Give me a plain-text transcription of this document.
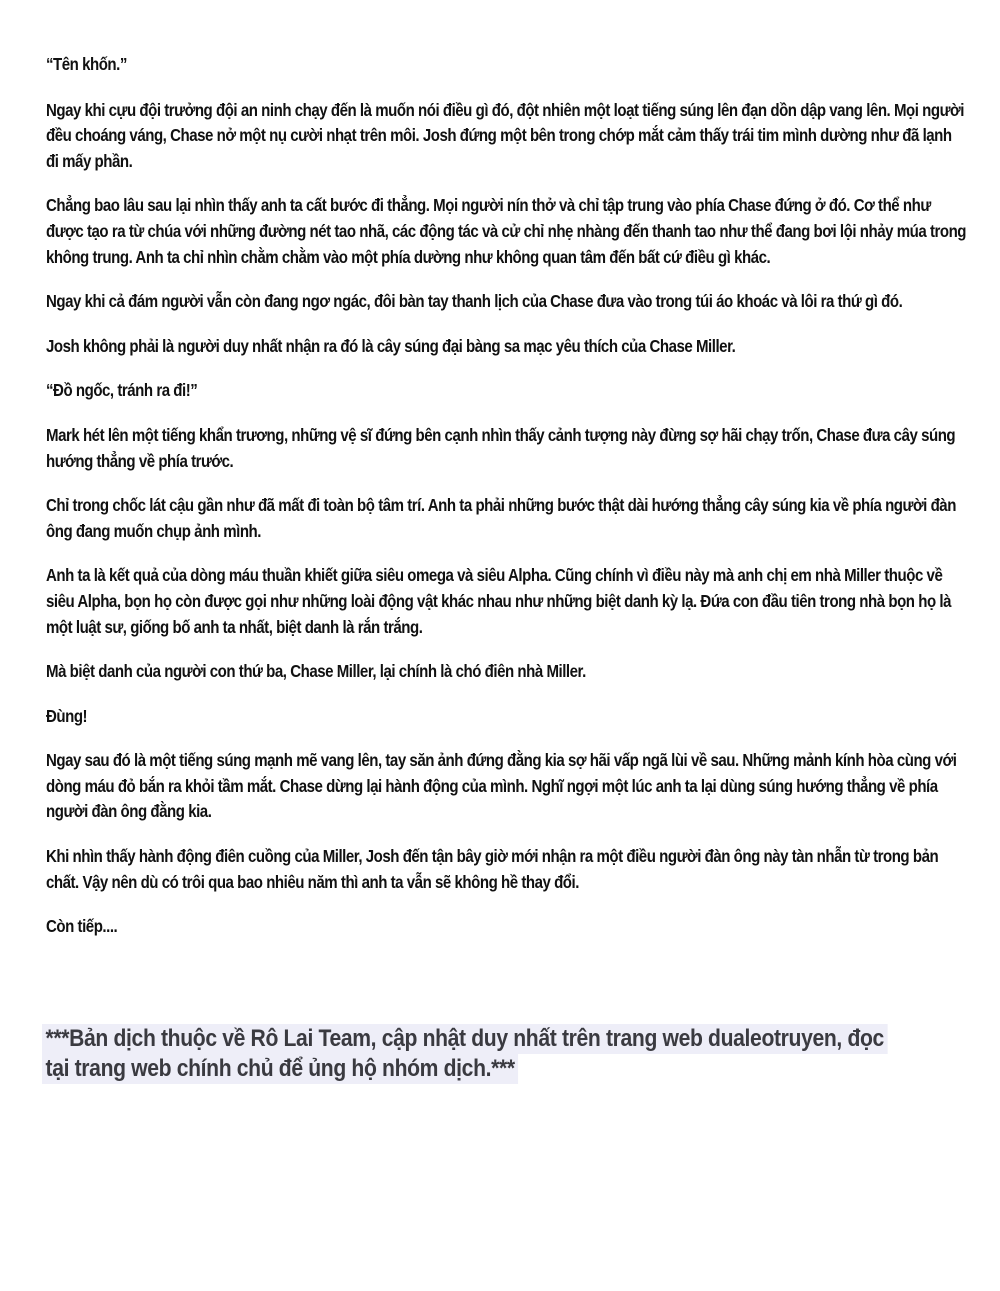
“Tên khốn.”

Ngay khi cựu đội trưởng đội an ninh chạy đến là muốn nói điều gì đó, đột nhiên một loạt tiếng súng lên đạn dồn dập vang lên. Mọi người đều choáng váng, Chase nở một nụ cười nhạt trên môi. Josh đứng một bên trong chớp mắt cảm thấy trái tim mình dường như đã lạnh đi mấy phần.

Chẳng bao lâu sau lại nhìn thấy anh ta cất bước đi thẳng. Mọi người nín thở và chỉ tập trung vào phía Chase đứng ở đó. Cơ thể như được tạo ra từ chúa với những đường nét tao nhã, các động tác và cử chỉ nhẹ nhàng đến thanh tao như thể đang bơi lội nhảy múa trong không trung. Anh ta chỉ nhìn chằm chằm vào một phía dường như không quan tâm đến bất cứ điều gì khác.

Ngay khi cả đám người vẫn còn đang ngơ ngác, đôi bàn tay thanh lịch của Chase đưa vào trong túi áo khoác và lôi ra thứ gì đó.

Josh không phải là người duy nhất nhận ra đó là cây súng đại bàng sa mạc yêu thích của Chase Miller.

“Đồ ngốc, tránh ra đi!”

Mark hét lên một tiếng khẩn trương, những vệ sĩ đứng bên cạnh nhìn thấy cảnh tượng này đừng sợ hãi chạy trốn, Chase đưa cây súng hướng thẳng về phía trước.

Chỉ trong chốc lát cậu gần như đã mất đi toàn bộ tâm trí. Anh ta phải những bước thật dài hướng thẳng cây súng kia về phía người đàn ông đang muốn chụp ảnh mình.

Anh ta là kết quả của dòng máu thuần khiết giữa siêu omega và siêu Alpha. Cũng chính vì điều này mà anh chị em nhà Miller thuộc về siêu Alpha, bọn họ còn được gọi như những loài động vật khác nhau như những biệt danh kỳ lạ. Đứa con đầu tiên trong nhà bọn họ là một luật sư, giống bố anh ta nhất, biệt danh là rắn trắng.

Mà biệt danh của người con thứ ba, Chase Miller, lại chính là chó điên nhà Miller.

Đùng!

Ngay sau đó là một tiếng súng mạnh mẽ vang lên, tay săn ảnh đứng đằng kia sợ hãi vấp ngã lùi về sau. Những mảnh kính hòa cùng với dòng máu đỏ bắn ra khỏi tầm mắt. Chase dừng lại hành động của mình. Nghĩ ngợi một lúc anh ta lại dùng súng hướng thẳng về phía người đàn ông đằng kia.

Khi nhìn thấy hành động điên cuồng của Miller, Josh đến tận bây giờ mới nhận ra một điều người đàn ông này tàn nhẫn từ trong bản chất. Vậy nên dù có trôi qua bao nhiêu năm thì anh ta vẫn sẽ không hề thay đổi.

Còn tiếp....

***Bản dịch thuộc về Rô Lai Team, cập nhật duy nhất trên trang web dualeotruyen, đọc
tại trang web chính chủ để ủng hộ nhóm dịch.***
